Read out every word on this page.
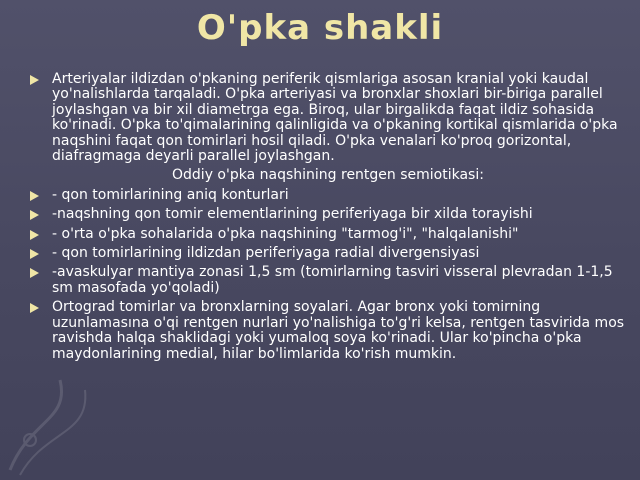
O'pka shakli
Arteriyalar ildizdan o'pkaning periferik qismlariga asosan kranial yoki kaudal yo'nalishlarda tarqaladi. O'pka arteriyasi va bronxlar shoxlari bir-biriga parallel joylashgan va bir xil diametrga ega. Biroq, ular birgalikda faqat ildiz sohasida ko'rinadi. O'pka to'qimalarining qalinligida va o'pkaning kortikal qismlarida o'pka naqshini faqat qon tomirlari hosil qiladi. O'pka venalari ko'proq gorizontal, diafragmaga deyarli parallel joylashgan.
Oddiy o'pka naqshining rentgen semiotikasi:
- qon tomirlarining aniq konturlari
-naqshning qon tomir elementlarining periferiyaga bir xilda torayishi
- o'rta o'pka sohalarida o'pka naqshining "tarmog'i", "halqalanishi"
- qon tomirlarining ildizdan periferiyaga radial divergensiyasi
-avaskulyar mantiya zonasi 1,5 sm (tomirlarning tasviri visseral plevradan 1-1,5 sm masofada yo'qoladi)
Ortograd tomirlar va bronxlarning soyalari. Agar bronx yoki tomirning uzunlamasına o'qi rentgen nurlari yo'nalishiga to'g'ri kelsa, rentgen tasvirida mos ravishda halqa shaklidagi yoki yumaloq soya ko'rinadi. Ular ko'pincha o'pka maydonlarining medial, hilar bo'limlarida ko'rish mumkin.
